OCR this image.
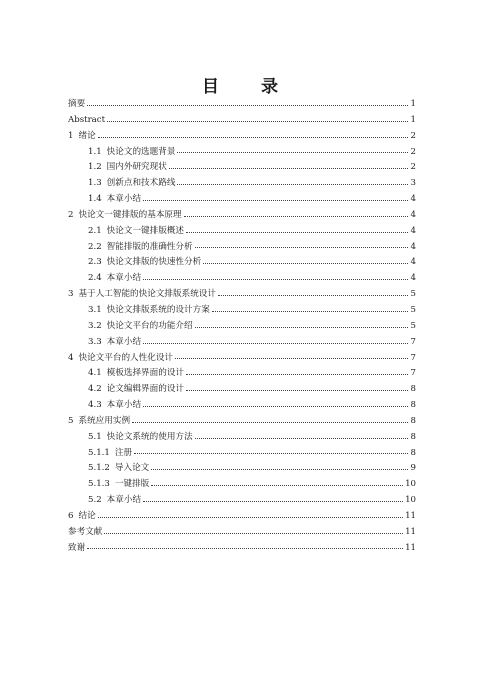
目 录
摘要	1
Abstract	1
1 绪论	2
1.1 快论文的选题背景	2
1.2 国内外研究现状	2
1.3 创新点和技术路线	3
1.4 本章小结	4
2 快论文一键排版的基本原理	4
2.1 快论文一键排版概述	4
2.2 智能排版的准确性分析	4
2.3 快论文排版的快速性分析	4
2.4 本章小结	4
3 基于人工智能的快论文排版系统设计	5
3.1 快论文排版系统的设计方案	5
3.2 快论文平台的功能介绍	5
3.3 本章小结	7
4 快论文平台的人性化设计	7
4.1 模板选择界面的设计	7
4.2 论文编辑界面的设计	8
4.3 本章小结	8
5 系统应用实例	8
5.1 快论文系统的使用方法	8
5.1.1 注册	8
5.1.2 导入论文	9
5.1.3 一键排版	10
5.2 本章小结	10
6 结论	11
参考文献	11
致谢	11
